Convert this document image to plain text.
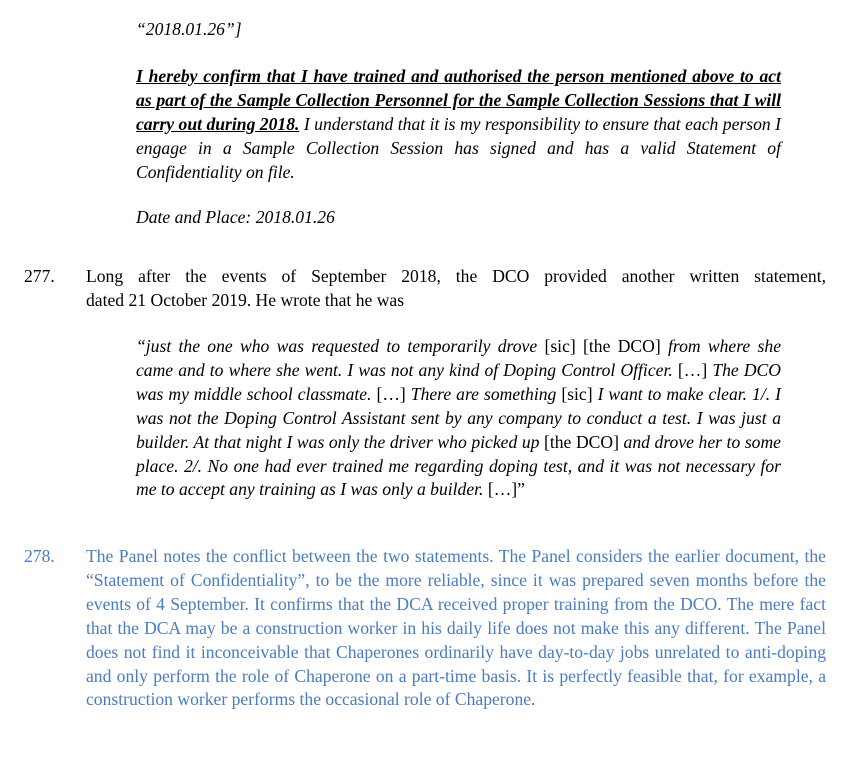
“2018.01.26”]
I hereby confirm that I have trained and authorised the person mentioned above to act as part of the Sample Collection Personnel for the Sample Collection Sessions that I will carry out during 2018. I understand that it is my responsibility to ensure that each person I engage in a Sample Collection Session has signed and has a valid Statement of Confidentiality on file.
Date and Place: 2018.01.26
277. Long after the events of September 2018, the DCO provided another written statement,
dated 21 October 2019. He wrote that he was
“just the one who was requested to temporarily drove [sic] [the DCO] from where she came and to where she went. I was not any kind of Doping Control Officer. […] The DCO was my middle school classmate. […] There are something [sic] I want to make clear. 1/. I was not the Doping Control Assistant sent by any company to conduct a test. I was just a builder. At that night I was only the driver who picked up [the DCO] and drove her to some place. 2/. No one had ever trained me regarding doping test, and it was not necessary for me to accept any training as I was only a builder. […]”
278. The Panel notes the conflict between the two statements. The Panel considers the earlier document, the “Statement of Confidentiality”, to be the more reliable, since it was prepared seven months before the events of 4 September. It confirms that the DCA received proper training from the DCO. The mere fact that the DCA may be a construction worker in his daily life does not make this any different. The Panel does not find it inconceivable that Chaperones ordinarily have day-to-day jobs unrelated to anti-doping and only perform the role of Chaperone on a part-time basis. It is perfectly feasible that, for example, a construction worker performs the occasional role of Chaperone.
